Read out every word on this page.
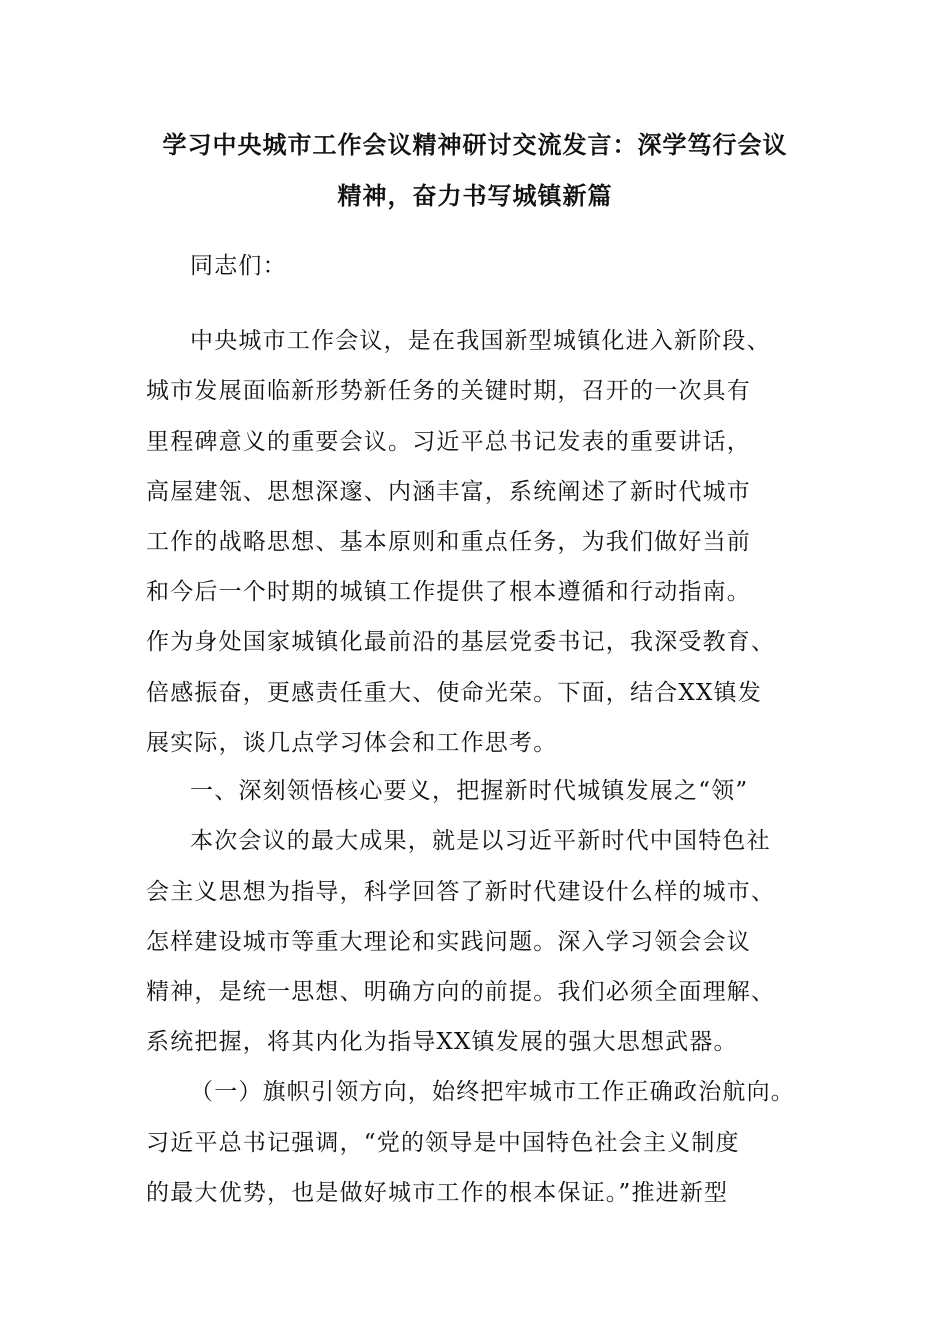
学习中央城市工作会议精神研讨交流发言：深学笃行会议
精神，奋力书写城镇新篇
同志们：
中央城市工作会议，是在我国新型城镇化进入新阶段、
城市发展面临新形势新任务的关键时期，召开的一次具有
里程碑意义的重要会议。习近平总书记发表的重要讲话，
高屋建瓴、思想深邃、内涵丰富，系统阐述了新时代城市
工作的战略思想、基本原则和重点任务，为我们做好当前
和今后一个时期的城镇工作提供了根本遵循和行动指南。
作为身处国家城镇化最前沿的基层党委书记，我深受教育、
倍感振奋，更感责任重大、使命光荣。下面，结合XX镇发
展实际，谈几点学习体会和工作思考。
一、深刻领悟核心要义，把握新时代城镇发展之“领”
本次会议的最大成果，就是以习近平新时代中国特色社
会主义思想为指导，科学回答了新时代建设什么样的城市、
怎样建设城市等重大理论和实践问题。深入学习领会会议
精神，是统一思想、明确方向的前提。我们必须全面理解、
系统把握，将其内化为指导XX镇发展的强大思想武器。
（一）旗帜引领方向，始终把牢城市工作正确政治航向。
习近平总书记强调，“党的领导是中国特色社会主义制度
的最大优势，也是做好城市工作的根本保证。”推进新型
